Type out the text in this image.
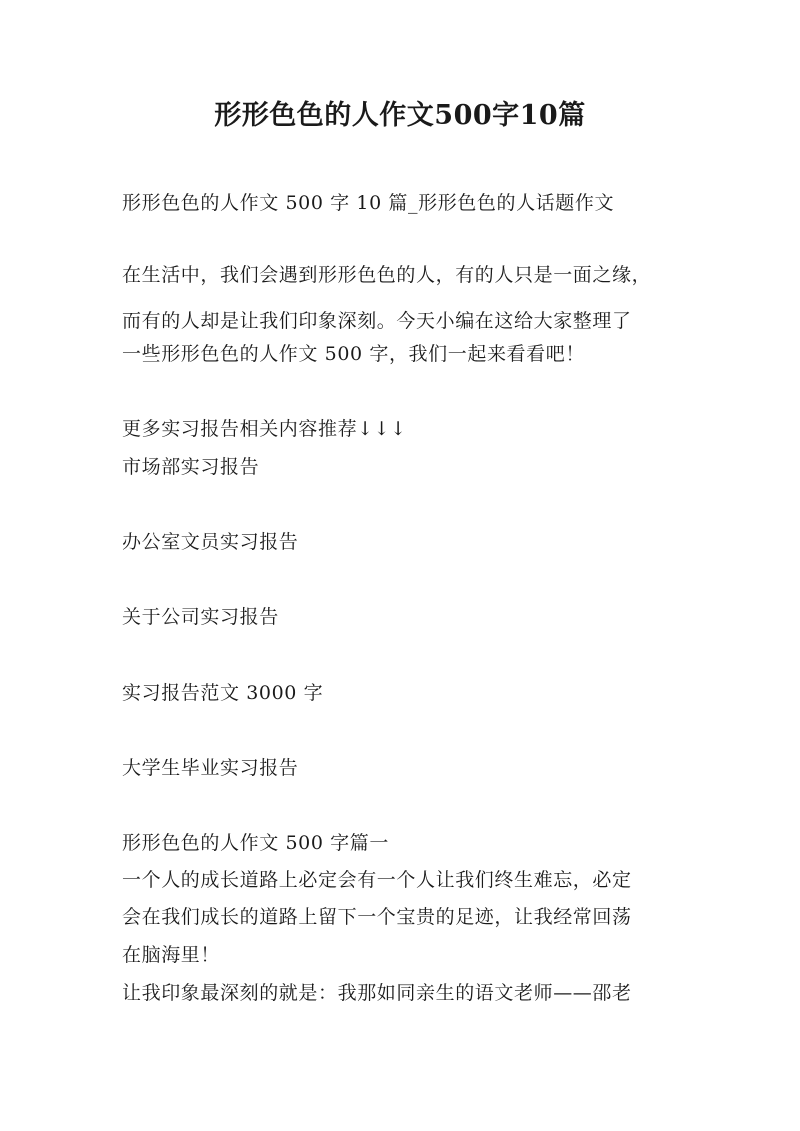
形形色色的人作文500字10篇
形形色色的人作文 500 字 10 篇_形形色色的人话题作文
在生活中，我们会遇到形形色色的人，有的人只是一面之缘，
而有的人却是让我们印象深刻。今天小编在这给大家整理了
一些形形色色的人作文 500 字，我们一起来看看吧！
更多实习报告相关内容推荐↓↓↓
市场部实习报告
办公室文员实习报告
关于公司实习报告
实习报告范文 3000 字
大学生毕业实习报告
形形色色的人作文 500 字篇一
一个人的成长道路上必定会有一个人让我们终生难忘，必定
会在我们成长的道路上留下一个宝贵的足迹，让我经常回荡
在脑海里！
让我印象最深刻的就是：我那如同亲生的语文老师——邵老
